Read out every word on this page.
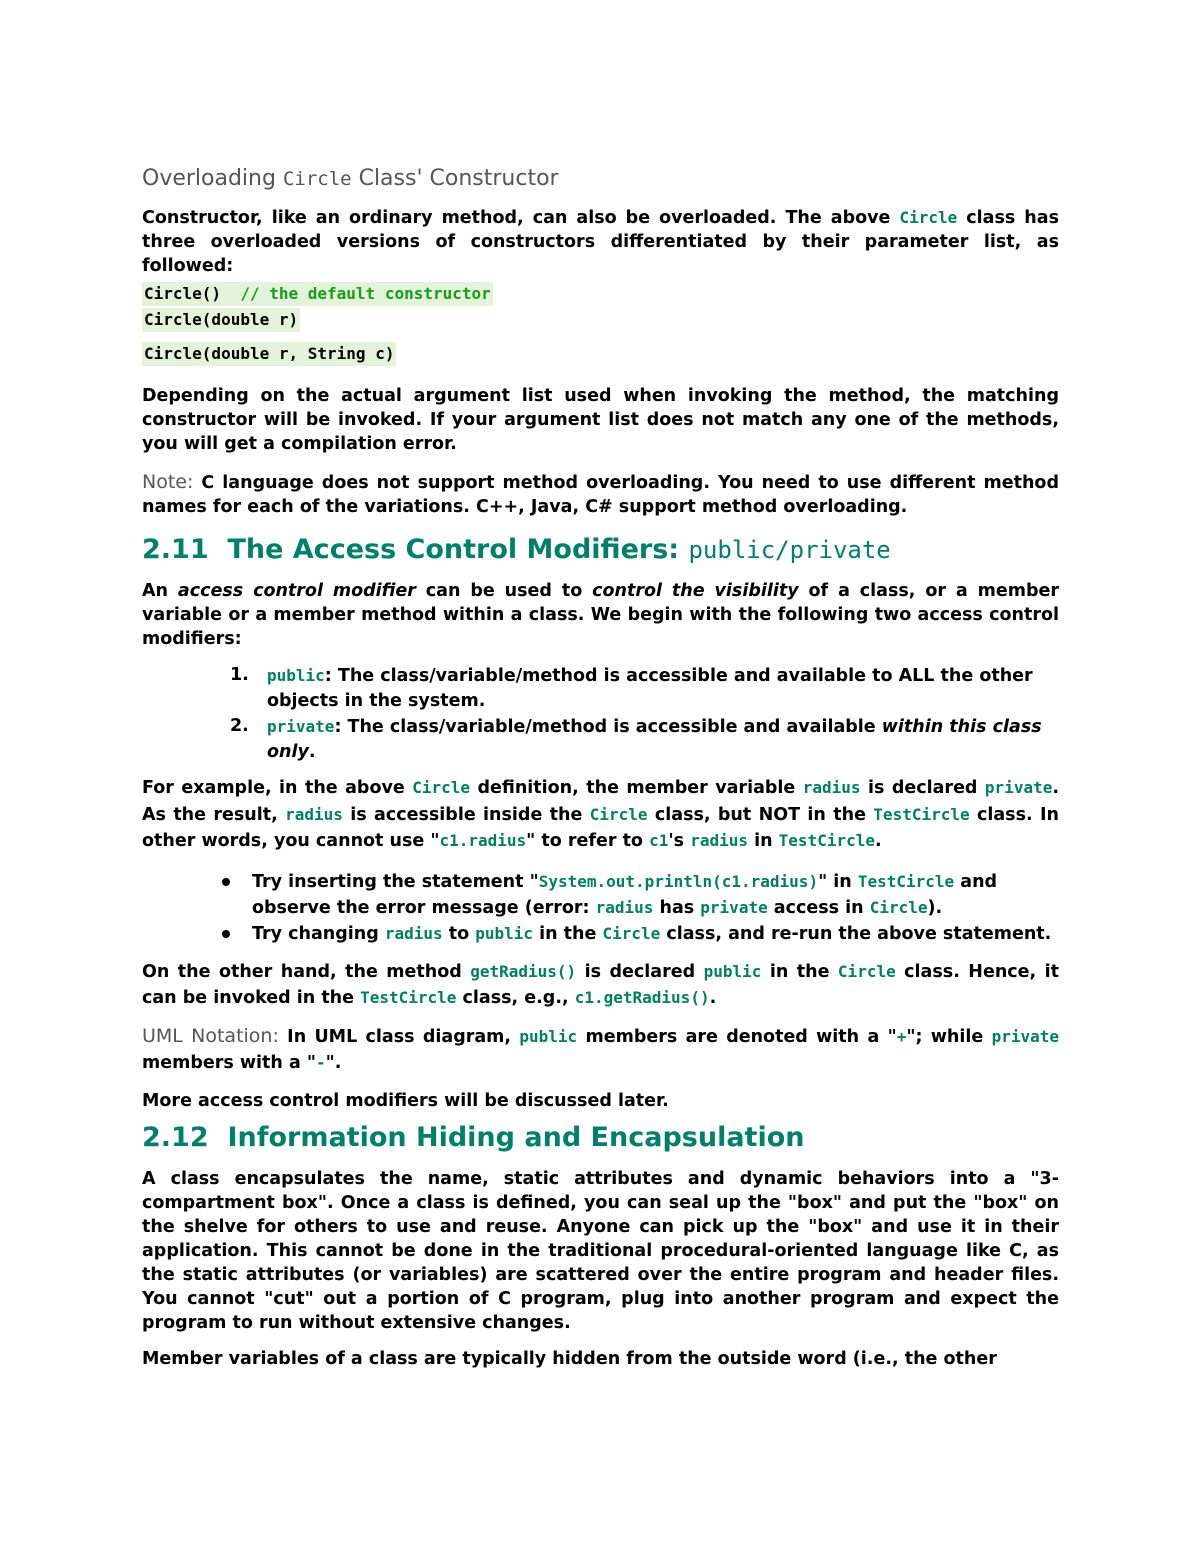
Overloading Circle Class' Constructor

Constructor, like an ordinary method, can also be overloaded. The above Circle class has three overloaded versions of constructors differentiated by their parameter list, as followed:

Circle() // the default constructor
Circle(double r)
Circle(double r, String c)

Depending on the actual argument list used when invoking the method, the matching constructor will be invoked. If your argument list does not match any one of the methods, you will get a compilation error.

Note: C language does not support method overloading. You need to use different method names for each of the variations. C++, Java, C# support method overloading.

2.11 The Access Control Modifiers: public/private

An access control modifier can be used to control the visibility of a class, or a member variable or a member method within a class. We begin with the following two access control modifiers:

1. public: The class/variable/method is accessible and available to ALL the other objects in the system.
2. private: The class/variable/method is accessible and available within this class only.

For example, in the above Circle definition, the member variable radius is declared private. As the result, radius is accessible inside the Circle class, but NOT in the TestCircle class. In other words, you cannot use "c1.radius" to refer to c1's radius in TestCircle.

Try inserting the statement "System.out.println(c1.radius)" in TestCircle and observe the error message (error: radius has private access in Circle).
Try changing radius to public in the Circle class, and re-run the above statement.

On the other hand, the method getRadius() is declared public in the Circle class. Hence, it can be invoked in the TestCircle class, e.g., c1.getRadius().

UML Notation: In UML class diagram, public members are denoted with a "+"; while private members with a "-".

More access control modifiers will be discussed later.

2.12 Information Hiding and Encapsulation

A class encapsulates the name, static attributes and dynamic behaviors into a "3-compartment box". Once a class is defined, you can seal up the "box" and put the "box" on the shelve for others to use and reuse. Anyone can pick up the "box" and use it in their application. This cannot be done in the traditional procedural-oriented language like C, as the static attributes (or variables) are scattered over the entire program and header files. You cannot "cut" out a portion of C program, plug into another program and expect the program to run without extensive changes.

Member variables of a class are typically hidden from the outside word (i.e., the other
